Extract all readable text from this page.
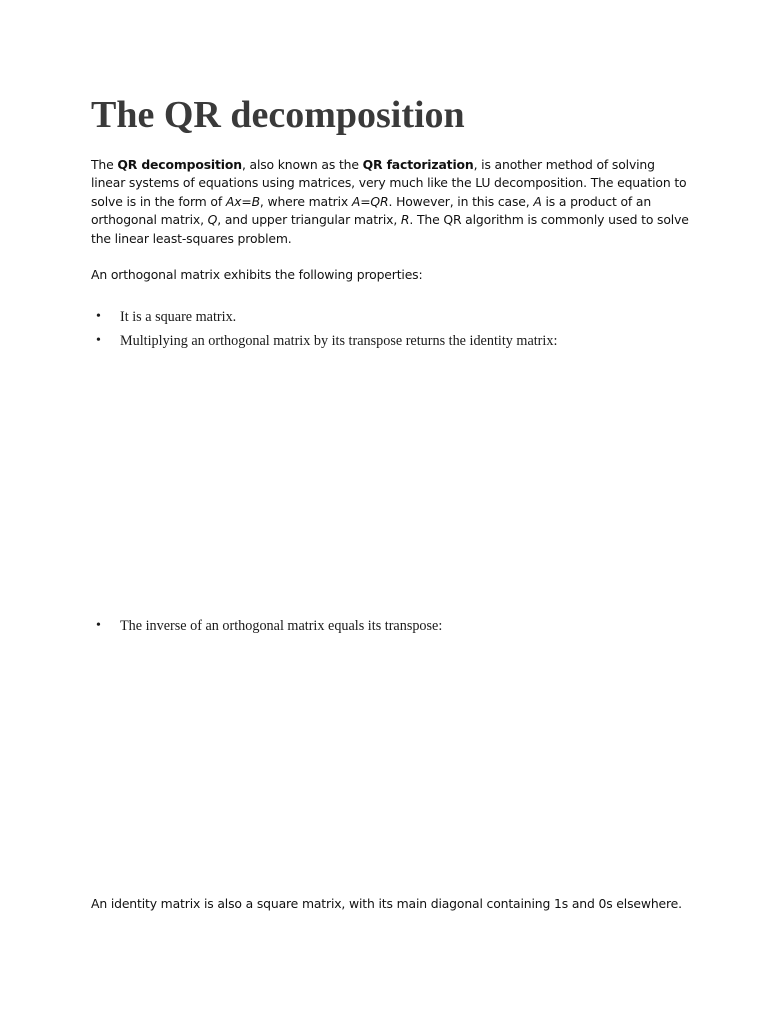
The QR decomposition

The QR decomposition, also known as the QR factorization, is another method of solving linear systems of equations using matrices, very much like the LU decomposition. The equation to solve is in the form of Ax=B, where matrix A=QR. However, in this case, A is a product of an orthogonal matrix, Q, and upper triangular matrix, R. The QR algorithm is commonly used to solve the linear least-squares problem.

An orthogonal matrix exhibits the following properties:

• It is a square matrix.
• Multiplying an orthogonal matrix by its transpose returns the identity matrix:
• The inverse of an orthogonal matrix equals its transpose:

An identity matrix is also a square matrix, with its main diagonal containing 1s and 0s elsewhere.
